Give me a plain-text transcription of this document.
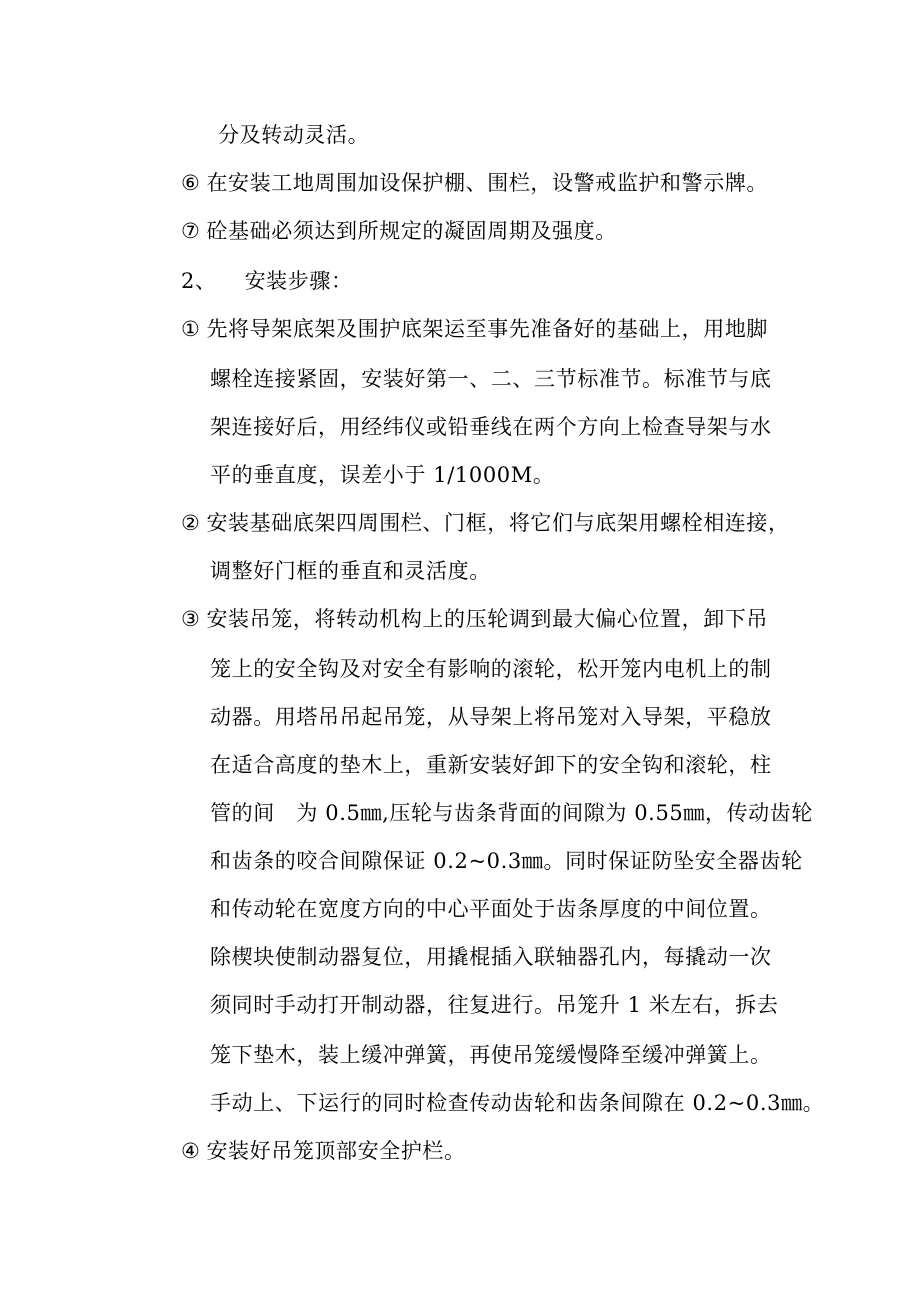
分及转动灵活。
⑥ 在安装工地周围加设保护棚、围栏，设警戒监护和警示牌。
⑦ 砼基础必须达到所规定的凝固周期及强度。
2、 安装步骤：
① 先将导架底架及围护底架运至事先准备好的基础上，用地脚
螺栓连接紧固，安装好第一、二、三节标准节。标准节与底
架连接好后，用经纬仪或铅垂线在两个方向上检查导架与水
平的垂直度，误差小于 1/1000M。
② 安装基础底架四周围栏、门框，将它们与底架用螺栓相连接，
调整好门框的垂直和灵活度。
③ 安装吊笼，将转动机构上的压轮调到最大偏心位置，卸下吊
笼上的安全钩及对安全有影响的滚轮，松开笼内电机上的制
动器。用塔吊吊起吊笼，从导架上将吊笼对入导架，平稳放
在适合高度的垫木上，重新安装好卸下的安全钩和滚轮，柱
管的间　为 0.5㎜,压轮与齿条背面的间隙为 0.55㎜，传动齿轮
和齿条的咬合间隙保证 0.2~0.3㎜。同时保证防坠安全器齿轮
和传动轮在宽度方向的中心平面处于齿条厚度的中间位置。
除楔块使制动器复位，用撬棍插入联轴器孔内，每撬动一次
须同时手动打开制动器，往复进行。吊笼升 1 米左右，拆去
笼下垫木，装上缓冲弹簧，再使吊笼缓慢降至缓冲弹簧上。
手动上、下运行的同时检查传动齿轮和齿条间隙在 0.2~0.3㎜。
④ 安装好吊笼顶部安全护栏。
